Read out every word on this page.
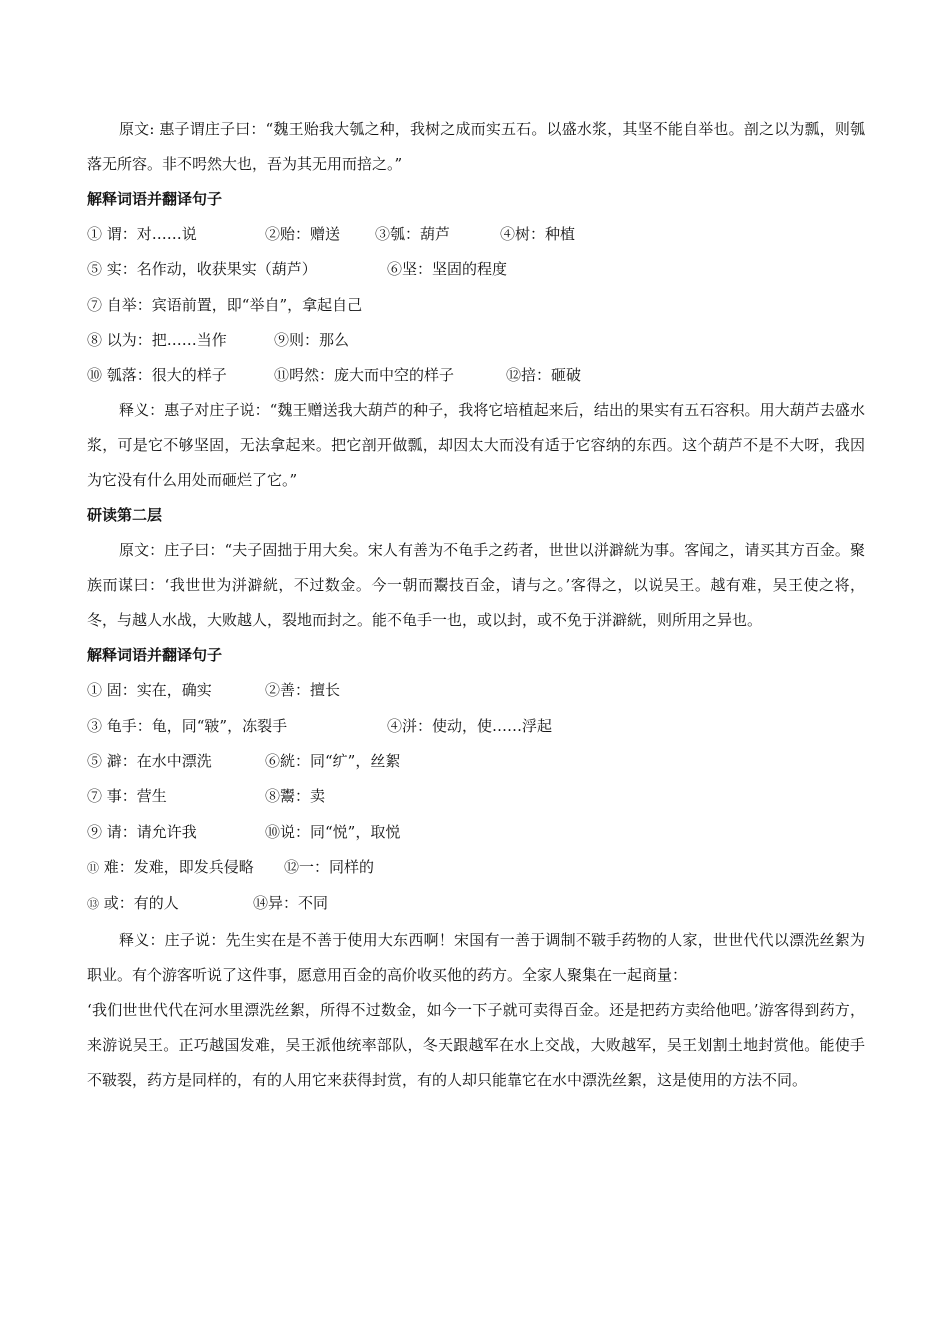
原文: 惠子谓庄子曰：“魏王贻我大瓠之种，我树之成而实五石。以盛水浆，其坚不能自举也。剖之以为瓢，则瓠落无所容。非不呺然大也，吾为其无用而掊之。”

解释词语并翻译句子

① 谓：对……说	②贻：赠送 ③瓠：葫芦	④树：种植

⑤ 实：名作动，收获果实（葫芦）	⑥坚：坚固的程度

⑦ 自举：宾语前置，即“举自”，拿起自己

⑧ 以为：把……当作	⑨则：那么

⑩ 瓠落：很大的样子	⑪呺然：庞大而中空的样子	⑫掊：砸破

释义：惠子对庄子说：“魏王赠送我大葫芦的种子，我将它培植起来后，结出的果实有五石容积。用大葫芦去盛水浆，可是它不够坚固，无法拿起来。把它剖开做瓢，却因太大而没有适于它容纳的东西。这个葫芦不是不大呀，我因为它没有什么用处而砸烂了它。”

研读第二层

原文：庄子曰：“夫子固拙于用大矣。宋人有善为不龟手之药者，世世以洴澼絖为事。客闻之，请买其方百金。聚族而谋曰：‘我世世为洴澼絖，不过数金。今一朝而鬻技百金，请与之。’客得之，以说吴王。越有难，吴王使之将，冬，与越人水战，大败越人，裂地而封之。能不龟手一也，或以封，或不免于洴澼絖，则所用之异也。

解释词语并翻译句子

① 固：实在，确实	②善：擅长

③ 龟手：龟，同“皲”，冻裂手	④洴：使动，使……浮起

⑤ 澼：在水中漂洗	⑥絖：同“纩”，丝絮

⑦ 事：营生	⑧鬻：卖

⑨ 请：请允许我	⑩说：同“悦”，取悦

⑪ 难：发难，即发兵侵略 ⑫一：同样的

⑬ 或：有的人	⑭异：不同

释义：庄子说：先生实在是不善于使用大东西啊！宋国有一善于调制不皲手药物的人家，世世代代以漂洗丝絮为职业。有个游客听说了这件事，愿意用百金的高价收买他的药方。全家人聚集在一起商量：

‘我们世世代代在河水里漂洗丝絮，所得不过数金，如今一下子就可卖得百金。还是把药方卖给他吧。’游客得到药方，来游说吴王。正巧越国发难，吴王派他统率部队，冬天跟越军在水上交战，大败越军，吴王划割土地封赏他。能使手不皲裂，药方是同样的，有的人用它来获得封赏，有的人却只能靠它在水中漂洗丝絮，这是使用的方法不同。
